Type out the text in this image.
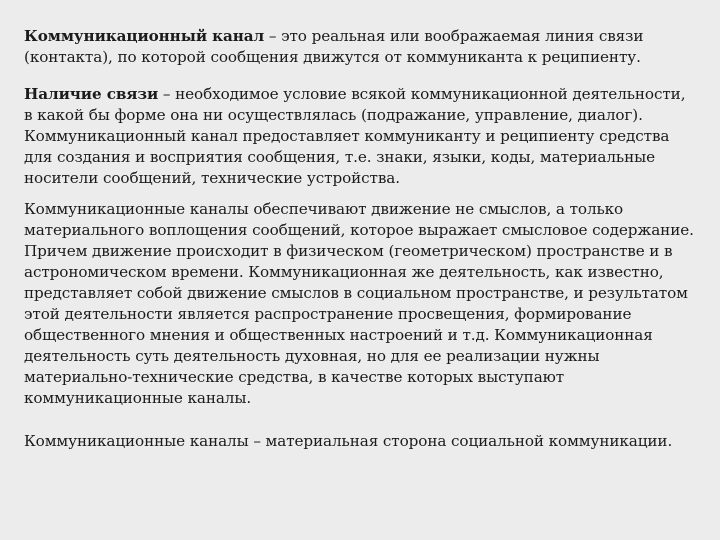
Коммуникационный канал – это реальная или воображаемая линия связи (контакта), по которой сообщения движутся от коммуниканта к реципиенту.

Наличие связи – необходимое условие всякой коммуникационной деятельности, в какой бы форме она ни осуществлялась (подражание, управление, диалог). Коммуникационный канал предоставляет коммуниканту и реципиенту средства для создания и восприятия сообщения, т.е. знаки, языки, коды, материальные носители сообщений, технические устройства.

Коммуникационные каналы обеспечивают движение не смыслов, а только материального воплощения сообщений, которое выражает смысловое содержание. Причем движение происходит в физическом (геометрическом) пространстве и в астрономическом времени. Коммуникационная же деятельность, как известно, представляет собой движение смыслов в социальном пространстве, и результатом этой деятельности является распространение просвещения, формирование общественного мнения и общественных настроений и т.д. Коммуникационная деятельность суть деятельность духовная, но для ее реализации нужны материально-технические средства, в качестве которых выступают коммуникационные каналы.

Коммуникационные каналы – материальная сторона социальной коммуникации.
